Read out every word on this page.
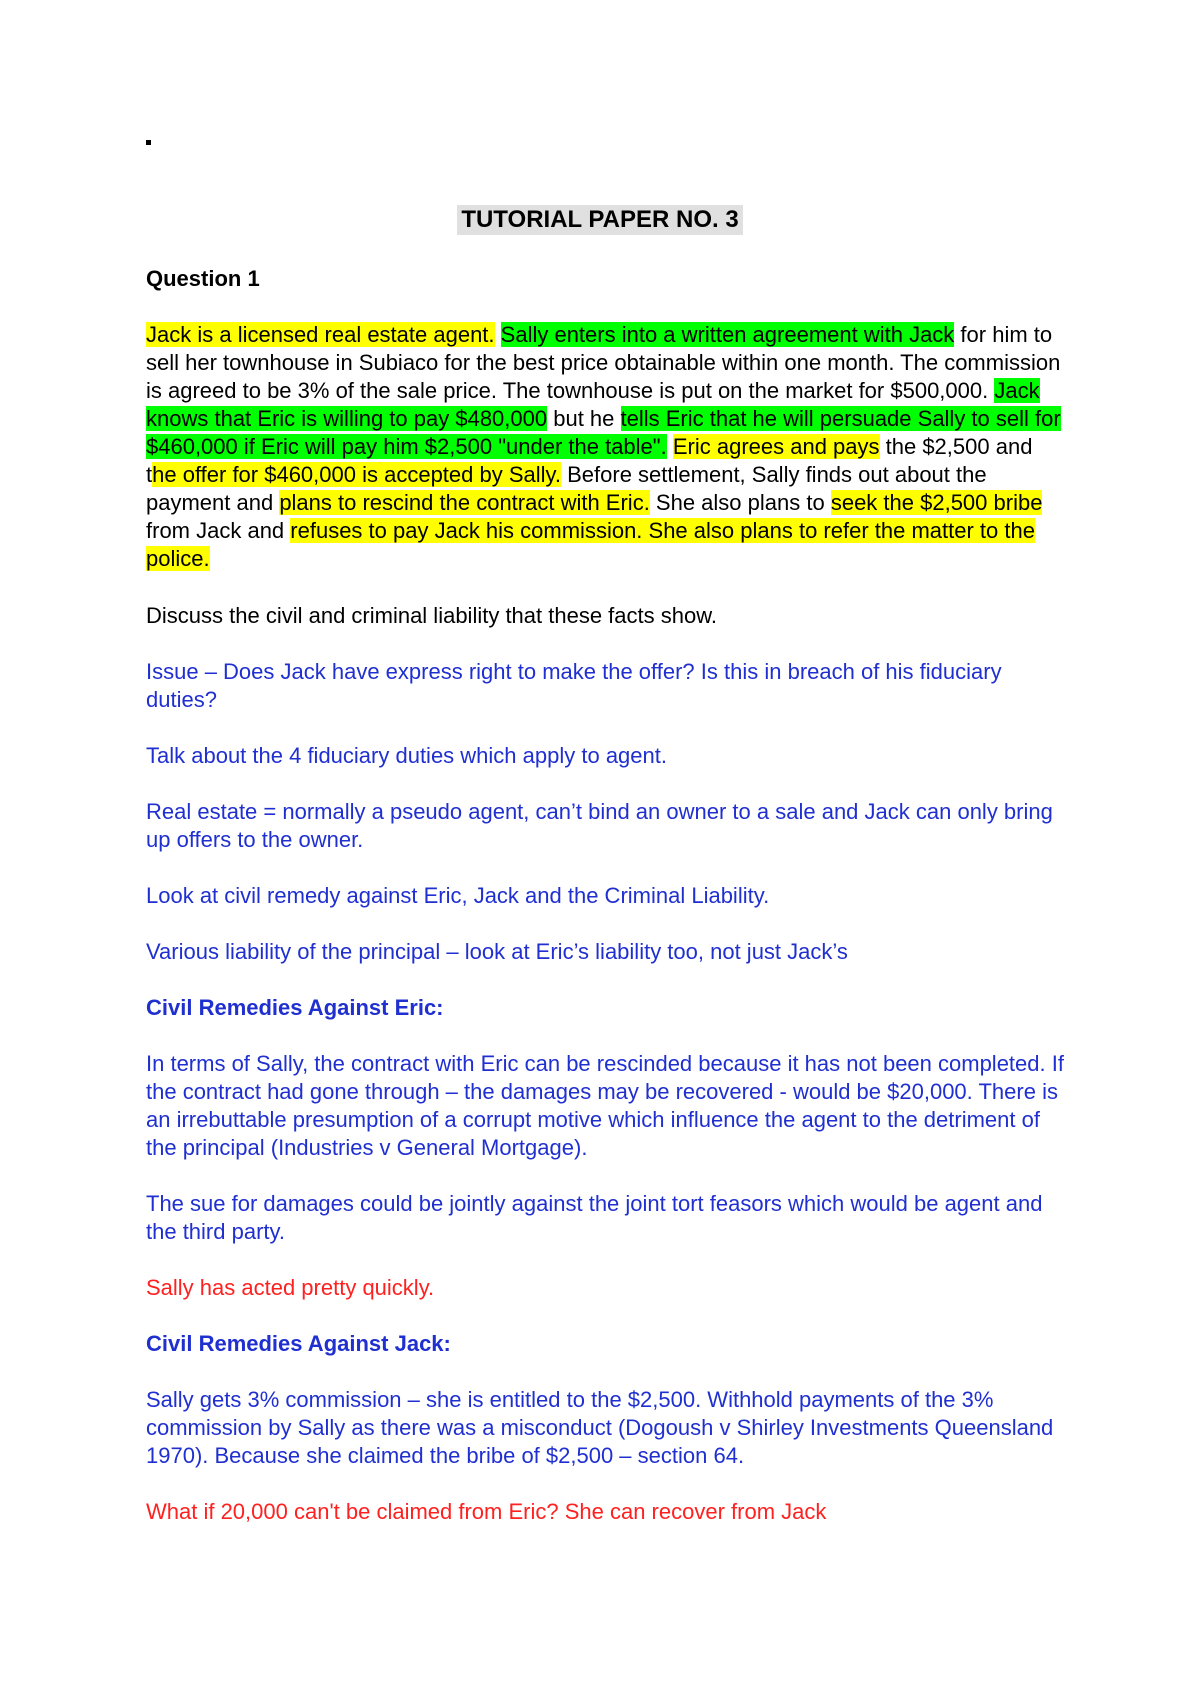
TUTORIAL PAPER NO. 3

Question 1

Jack is a licensed real estate agent. Sally enters into a written agreement with Jack for him to sell her townhouse in Subiaco for the best price obtainable within one month. The commission is agreed to be 3% of the sale price. The townhouse is put on the market for $500,000. Jack knows that Eric is willing to pay $480,000 but he tells Eric that he will persuade Sally to sell for $460,000 if Eric will pay him $2,500 "under the table". Eric agrees and pays the $2,500 and the offer for $460,000 is accepted by Sally. Before settlement, Sally finds out about the payment and plans to rescind the contract with Eric. She also plans to seek the $2,500 bribe from Jack and refuses to pay Jack his commission. She also plans to refer the matter to the police.

Discuss the civil and criminal liability that these facts show.

Issue – Does Jack have express right to make the offer? Is this in breach of his fiduciary duties?

Talk about the 4 fiduciary duties which apply to agent.

Real estate = normally a pseudo agent, can’t bind an owner to a sale and Jack can only bring up offers to the owner.

Look at civil remedy against Eric, Jack and the Criminal Liability.

Various liability of the principal – look at Eric’s liability too, not just Jack’s

Civil Remedies Against Eric:

In terms of Sally, the contract with Eric can be rescinded because it has not been completed. If the contract had gone through – the damages may be recovered - would be $20,000. There is an irrebuttable presumption of a corrupt motive which influence the agent to the detriment of the principal (Industries v General Mortgage).

The sue for damages could be jointly against the joint tort feasors which would be agent and the third party.

Sally has acted pretty quickly.

Civil Remedies Against Jack:

Sally gets 3% commission – she is entitled to the $2,500. Withhold payments of the 3% commission by Sally as there was a misconduct (Dogoush v Shirley Investments Queensland 1970). Because she claimed the bribe of $2,500 – section 64.

What if 20,000 can't be claimed from Eric? She can recover from Jack
